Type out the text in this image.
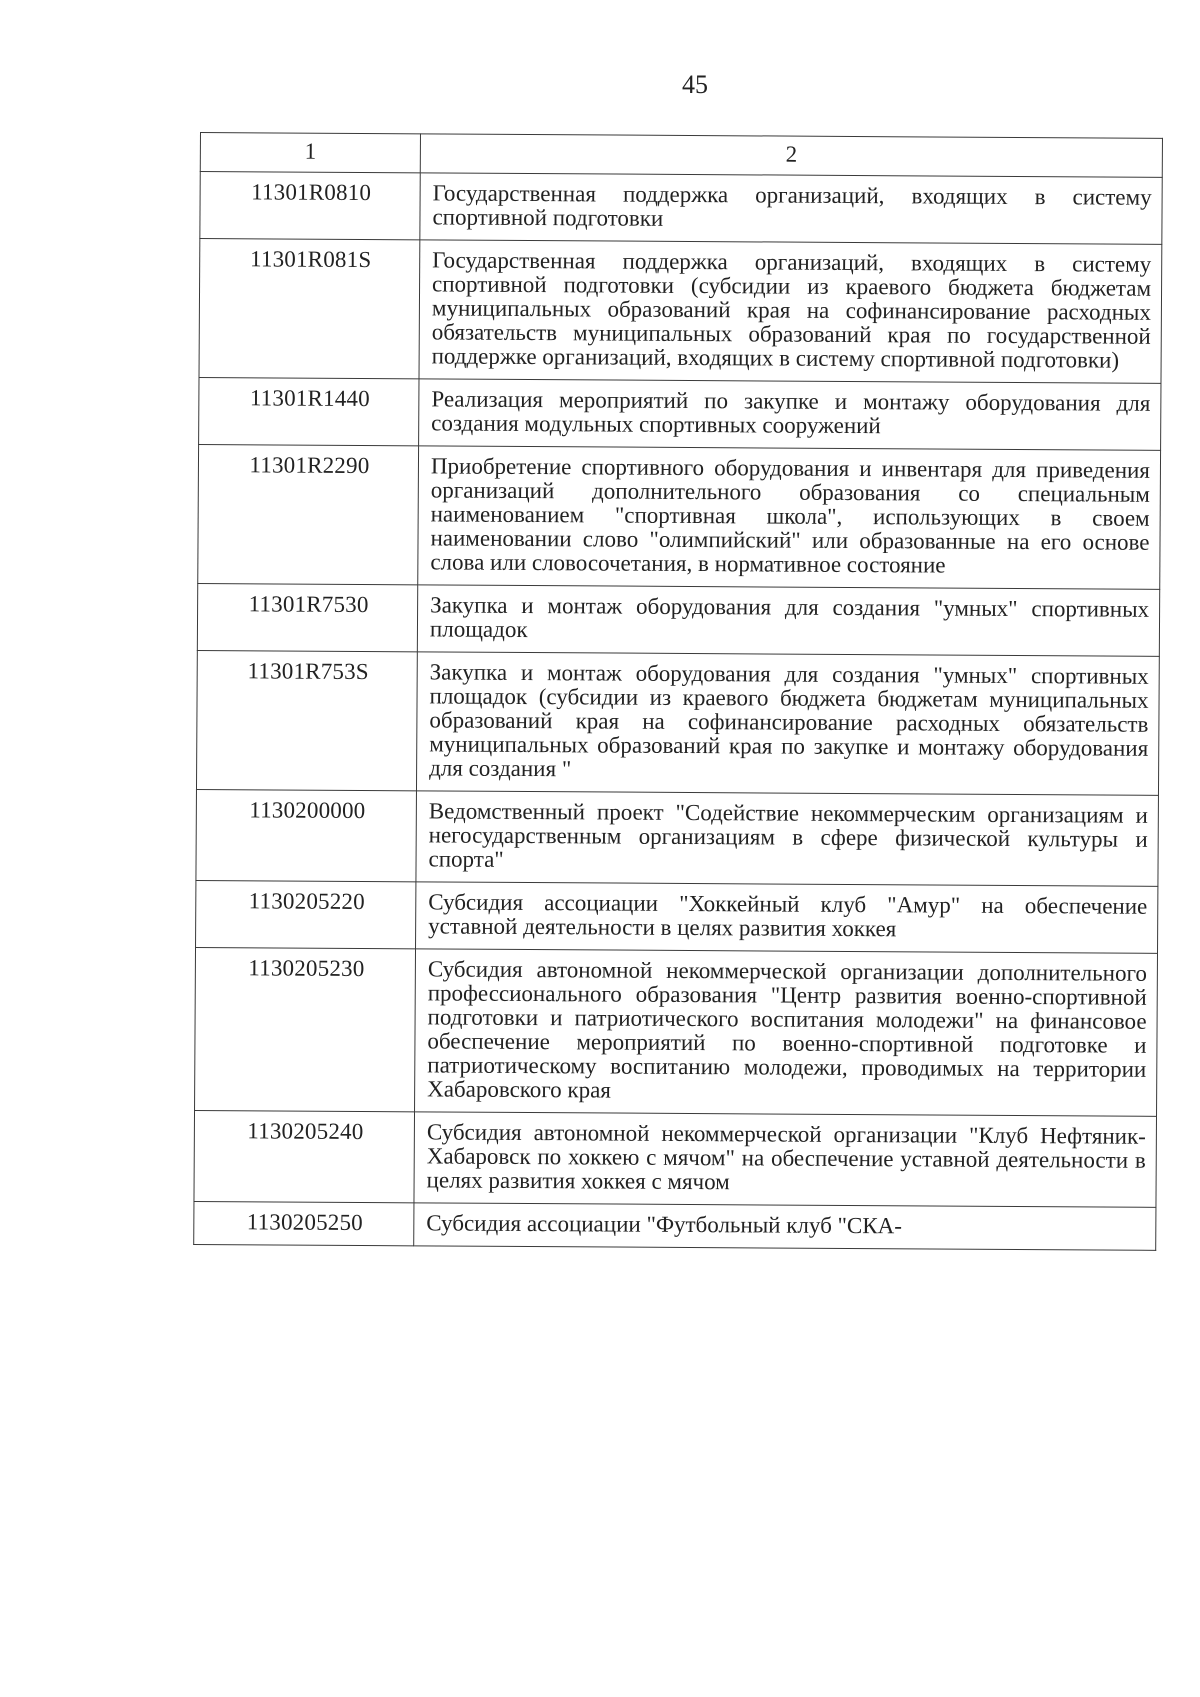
45
1	2
11301R0810	Государственная поддержка организаций, входящих в систему спортивной подготовки
11301R081S	Государственная поддержка организаций, входящих в систему спортивной подготовки (субсидии из краевого бюджета бюджетам муниципальных образований края на софинансирование расходных обязательств муниципальных образований края по государственной поддержке организаций, входящих в систему спортивной подготовки)
11301R1440	Реализация мероприятий по закупке и монтажу оборудования для создания модульных спортивных сооружений
11301R2290	Приобретение спортивного оборудования и инвентаря для приведения организаций дополнительного образования со специальным наименованием "спортивная школа", использующих в своем наименовании слово "олимпийский" или образованные на его основе слова или словосочетания, в нормативное состояние
11301R7530	Закупка и монтаж оборудования для создания "умных" спортивных площадок
11301R753S	Закупка и монтаж оборудования для создания "умных" спортивных площадок (субсидии из краевого бюджета бюджетам муниципальных образований края на софинансирование расходных обязательств муниципальных образований края по закупке и монтажу оборудования для создания "
1130200000	Ведомственный проект "Содействие некоммерческим организациям и негосударственным организациям в сфере физической культуры и спорта"
1130205220	Субсидия ассоциации "Хоккейный клуб "Амур" на обеспечение уставной деятельности в целях развития хоккея
1130205230	Субсидия автономной некоммерческой организации дополнительного профессионального образования "Центр развития военно-спортивной подготовки и патриотического воспитания молодежи" на финансовое обеспечение мероприятий по военно-спортивной подготовке и патриотическому воспитанию молодежи, проводимых на территории Хабаровского края
1130205240	Субсидия автономной некоммерческой организации "Клуб Нефтяник-Хабаровск по хоккею с мячом" на обеспечение уставной деятельности в целях развития хоккея с мячом
1130205250	Субсидия ассоциации "Футбольный клуб "СКА-
